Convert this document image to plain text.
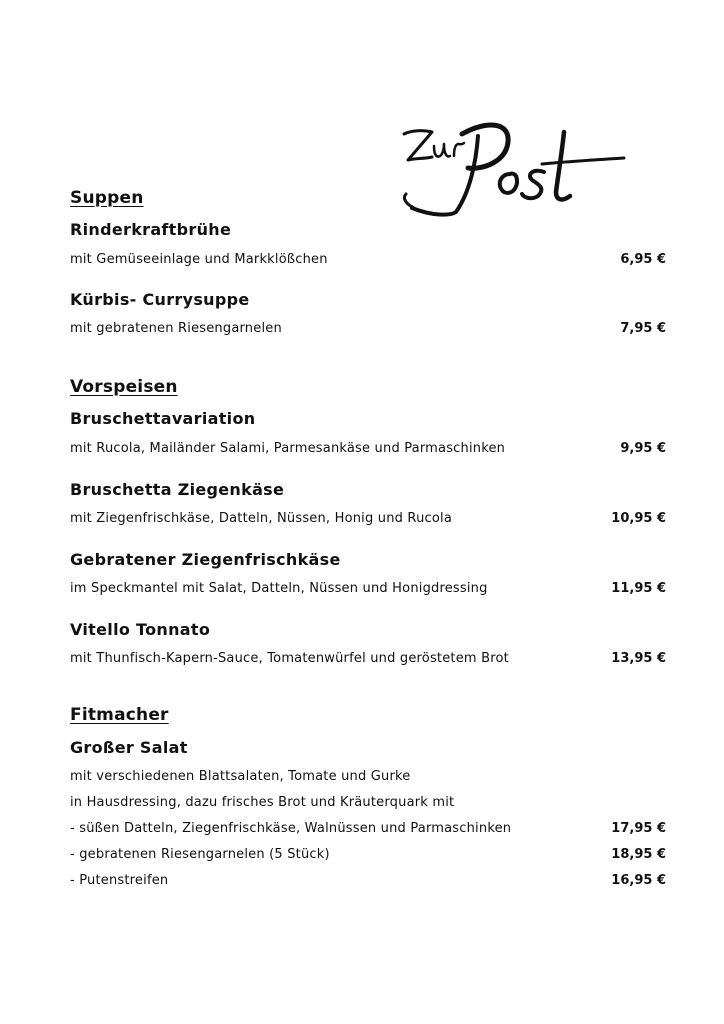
Suppen
Rinderkraftbrühe
mit Gemüseeinlage und Markklößchen	6,95 €
Kürbis- Currysuppe
mit gebratenen Riesengarnelen	7,95 €
Vorspeisen
Bruschettavariation
mit Rucola, Mailänder Salami, Parmesankäse und Parmaschinken	9,95 €
Bruschetta Ziegenkäse
mit Ziegenfrischkäse, Datteln, Nüssen, Honig und Rucola	10,95 €
Gebratener Ziegenfrischkäse
im Speckmantel mit Salat, Datteln, Nüssen und Honigdressing	11,95 €
Vitello Tonnato
mit Thunfisch-Kapern-Sauce, Tomatenwürfel und geröstetem Brot	13,95 €
Fitmacher
Großer Salat
mit verschiedenen Blattsalaten, Tomate und Gurke
in Hausdressing, dazu frisches Brot und Kräuterquark mit
- süßen Datteln, Ziegenfrischkäse, Walnüssen und Parmaschinken	17,95 €
- gebratenen Riesengarnelen (5 Stück)	18,95 €
- Putenstreifen	16,95 €
